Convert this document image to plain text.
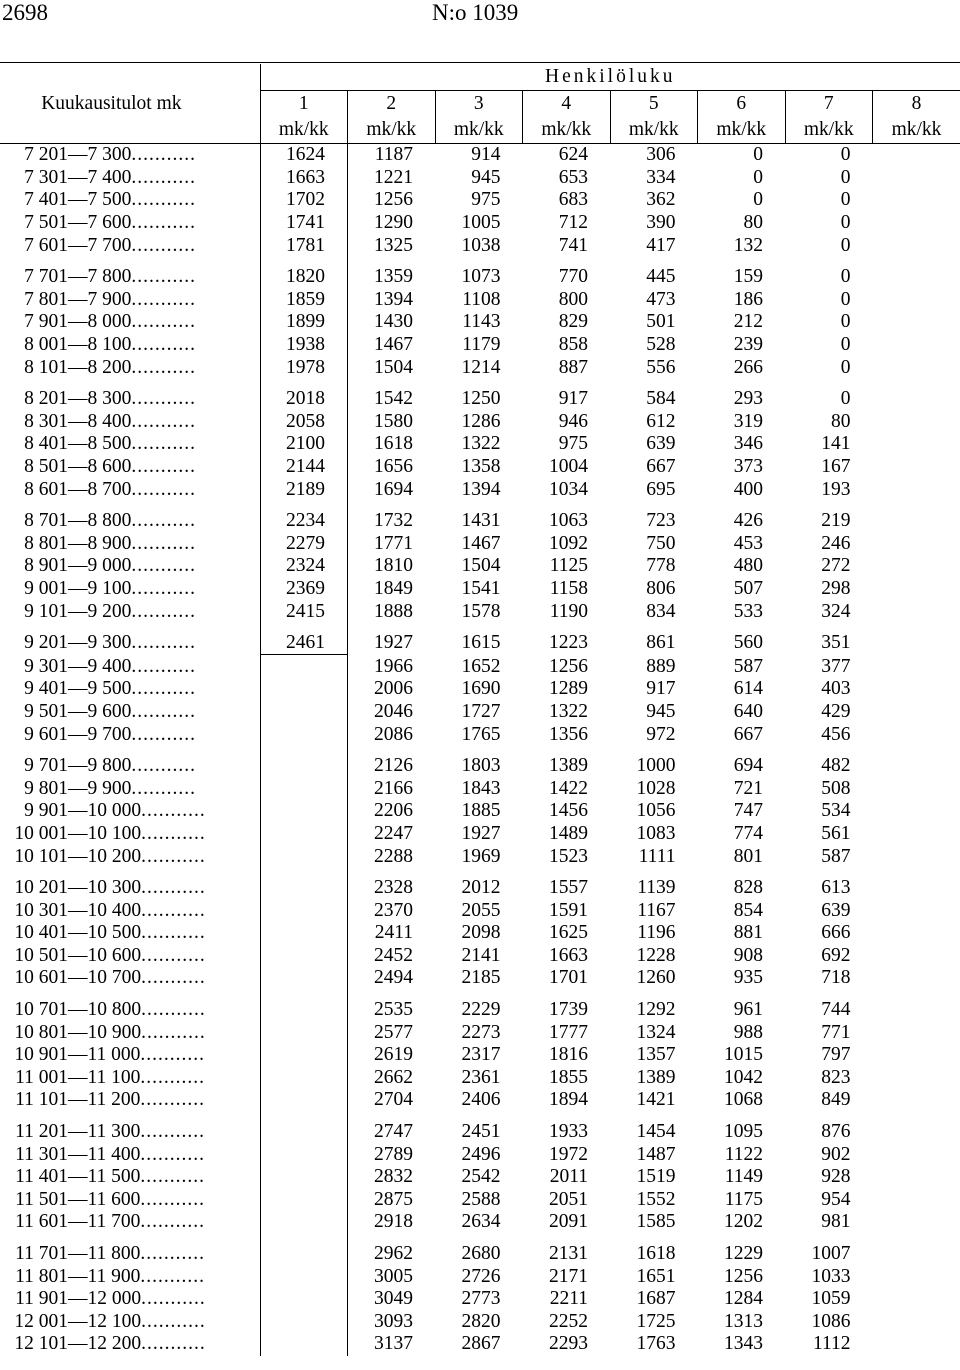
2698	N:o 1039
	Henkilöluku							
Kuukausitulot mk	1	2	3	4	5	6	7	8
	mk/kk	mk/kk	mk/kk	mk/kk	mk/kk	mk/kk	mk/kk	mk/kk
7 201—7 300...........	1624	1187	914	624	306	0	0	
7 301—7 400...........	1663	1221	945	653	334	0	0	
7 401—7 500...........	1702	1256	975	683	362	0	0	
7 501—7 600...........	1741	1290	1005	712	390	80	0	
7 601—7 700...........	1781	1325	1038	741	417	132	0	

7 701—7 800...........	1820	1359	1073	770	445	159	0	
7 801—7 900...........	1859	1394	1108	800	473	186	0	
7 901—8 000...........	1899	1430	1143	829	501	212	0	
8 001—8 100...........	1938	1467	1179	858	528	239	0	
8 101—8 200...........	1978	1504	1214	887	556	266	0	

8 201—8 300...........	2018	1542	1250	917	584	293	0	
8 301—8 400...........	2058	1580	1286	946	612	319	80	
8 401—8 500...........	2100	1618	1322	975	639	346	141	
8 501—8 600...........	2144	1656	1358	1004	667	373	167	
8 601—8 700...........	2189	1694	1394	1034	695	400	193	

8 701—8 800...........	2234	1732	1431	1063	723	426	219	
8 801—8 900...........	2279	1771	1467	1092	750	453	246	
8 901—9 000...........	2324	1810	1504	1125	778	480	272	
9 001—9 100...........	2369	1849	1541	1158	806	507	298	
9 101—9 200...........	2415	1888	1578	1190	834	533	324	

9 201—9 300...........	2461	1927	1615	1223	861	560	351	
9 301—9 400...........		1966	1652	1256	889	587	377	
9 401—9 500...........		2006	1690	1289	917	614	403	
9 501—9 600...........		2046	1727	1322	945	640	429	
9 601—9 700...........		2086	1765	1356	972	667	456	

9 701—9 800...........		2126	1803	1389	1000	694	482	
9 801—9 900...........		2166	1843	1422	1028	721	508	
9 901—10 000...........		2206	1885	1456	1056	747	534	
10 001—10 100...........		2247	1927	1489	1083	774	561	
10 101—10 200...........		2288	1969	1523	1111	801	587	

10 201—10 300...........		2328	2012	1557	1139	828	613	
10 301—10 400...........		2370	2055	1591	1167	854	639	
10 401—10 500...........		2411	2098	1625	1196	881	666	
10 501—10 600...........		2452	2141	1663	1228	908	692	
10 601—10 700...........		2494	2185	1701	1260	935	718	

10 701—10 800...........		2535	2229	1739	1292	961	744	
10 801—10 900...........		2577	2273	1777	1324	988	771	
10 901—11 000...........		2619	2317	1816	1357	1015	797	
11 001—11 100...........		2662	2361	1855	1389	1042	823	
11 101—11 200...........		2704	2406	1894	1421	1068	849	

11 201—11 300...........		2747	2451	1933	1454	1095	876	
11 301—11 400...........		2789	2496	1972	1487	1122	902	
11 401—11 500...........		2832	2542	2011	1519	1149	928	
11 501—11 600...........		2875	2588	2051	1552	1175	954	
11 601—11 700...........		2918	2634	2091	1585	1202	981	

11 701—11 800...........		2962	2680	2131	1618	1229	1007	
11 801—11 900...........		3005	2726	2171	1651	1256	1033	
11 901—12 000...........		3049	2773	2211	1687	1284	1059	
12 001—12 100...........		3093	2820	2252	1725	1313	1086	
12 101—12 200...........		3137	2867	2293	1763	1343	1112	
